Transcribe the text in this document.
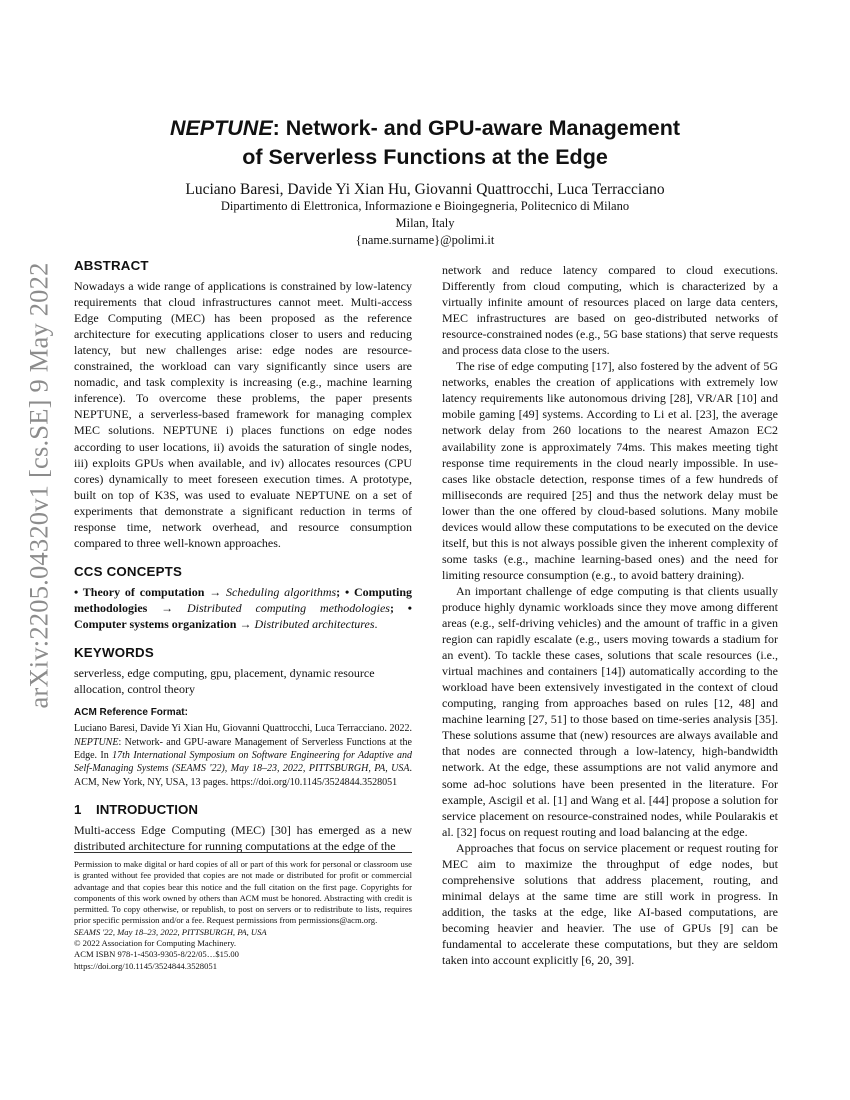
arXiv:2205.04320v1 [cs.SE] 9 May 2022
NEPTUNE: Network- and GPU-aware Management
of Serverless Functions at the Edge
Luciano Baresi, Davide Yi Xian Hu, Giovanni Quattrocchi, Luca Terracciano
Dipartimento di Elettronica, Informazione e Bioingegneria, Politecnico di Milano
Milan, Italy
{name.surname}@polimi.it
ABSTRACT

Nowadays a wide range of applications is constrained by low-latency requirements that cloud infrastructures cannot meet. Multi-access Edge Computing (MEC) has been proposed as the reference architecture for executing applications closer to users and reducing latency, but new challenges arise: edge nodes are resource-constrained, the workload can vary significantly since users are nomadic, and task complexity is increasing (e.g., machine learning inference). To overcome these problems, the paper presents NEPTUNE, a serverless-based framework for managing complex MEC solutions. NEPTUNE i) places functions on edge nodes according to user locations, ii) avoids the saturation of single nodes, iii) exploits GPUs when available, and iv) allocates resources (CPU cores) dynamically to meet foreseen execution times. A prototype, built on top of K3S, was used to evaluate NEPTUNE on a set of experiments that demonstrate a significant reduction in terms of response time, network overhead, and resource consumption compared to three well-known approaches.

CCS CONCEPTS

• Theory of computation → Scheduling algorithms; • Computing methodologies → Distributed computing methodologies; • Computer systems organization → Distributed architectures.

KEYWORDS

serverless, edge computing, gpu, placement, dynamic resource allocation, control theory

ACM Reference Format:

Luciano Baresi, Davide Yi Xian Hu, Giovanni Quattrocchi, Luca Terracciano. 2022. NEPTUNE: Network- and GPU-aware Management of Serverless Functions at the Edge. In 17th International Symposium on Software Engineering for Adaptive and Self-Managing Systems (SEAMS '22), May 18–23, 2022, PITTSBURGH, PA, USA. ACM, New York, NY, USA, 13 pages. https://doi.org/10.1145/3524844.3528051

1 INTRODUCTION

Multi-access Edge Computing (MEC) [30] has emerged as a new distributed architecture for running computations at the edge of the

Permission to make digital or hard copies of all or part of this work for personal or classroom use is granted without fee provided that copies are not made or distributed for profit or commercial advantage and that copies bear this notice and the full citation on the first page. Copyrights for components of this work owned by others than ACM must be honored. Abstracting with credit is permitted. To copy otherwise, or republish, to post on servers or to redistribute to lists, requires prior specific permission and/or a fee. Request permissions from permissions@acm.org.
SEAMS '22, May 18–23, 2022, PITTSBURGH, PA, USA
© 2022 Association for Computing Machinery.
ACM ISBN 978-1-4503-9305-8/22/05…$15.00
https://doi.org/10.1145/3524844.3528051

network and reduce latency compared to cloud executions. Differently from cloud computing, which is characterized by a virtually infinite amount of resources placed on large data centers, MEC infrastructures are based on geo-distributed networks of resource-constrained nodes (e.g., 5G base stations) that serve requests and process data close to the users.

The rise of edge computing [17], also fostered by the advent of 5G networks, enables the creation of applications with extremely low latency requirements like autonomous driving [28], VR/AR [10] and mobile gaming [49] systems. According to Li et al. [23], the average network delay from 260 locations to the nearest Amazon EC2 availability zone is approximately 74ms. This makes meeting tight response time requirements in the cloud nearly impossible. In use-cases like obstacle detection, response times of a few hundreds of milliseconds are required [25] and thus the network delay must be lower than the one offered by cloud-based solutions. Many mobile devices would allow these computations to be executed on the device itself, but this is not always possible given the inherent complexity of some tasks (e.g., machine learning-based ones) and the need for limiting resource consumption (e.g., to avoid battery draining).

An important challenge of edge computing is that clients usually produce highly dynamic workloads since they move among different areas (e.g., self-driving vehicles) and the amount of traffic in a given region can rapidly escalate (e.g., users moving towards a stadium for an event). To tackle these cases, solutions that scale resources (i.e., virtual machines and containers [14]) automatically according to the workload have been extensively investigated in the context of cloud computing, ranging from approaches based on rules [12, 48] and machine learning [27, 51] to those based on time-series analysis [35]. These solutions assume that (new) resources are always available and that nodes are connected through a low-latency, high-bandwidth network. At the edge, these assumptions are not valid anymore and some ad-hoc solutions have been presented in the literature. For example, Ascigil et al. [1] and Wang et al. [44] propose a solution for service placement on resource-constrained nodes, while Poularakis et al. [32] focus on request routing and load balancing at the edge.

Approaches that focus on service placement or request routing for MEC aim to maximize the throughput of edge nodes, but comprehensive solutions that address placement, routing, and minimal delays at the same time are still work in progress. In addition, the tasks at the edge, like AI-based computations, are becoming heavier and heavier. The use of GPUs [9] can be fundamental to accelerate these computations, but they are seldom taken into account explicitly [6, 20, 39].
